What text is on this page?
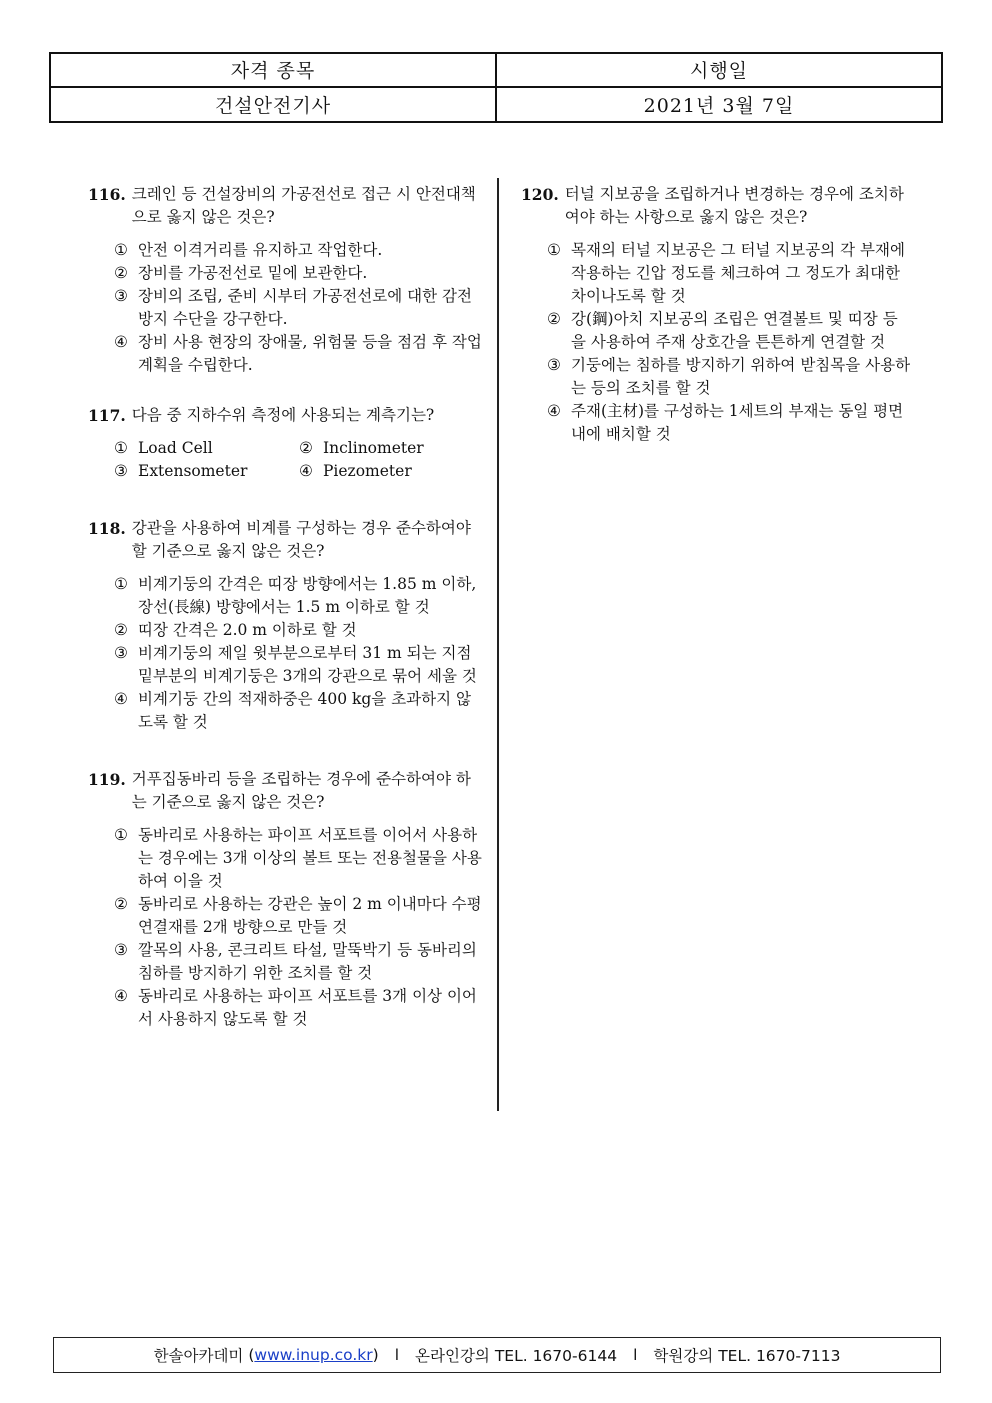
자격 종목	시행일
건설안전기사	2021년 3월 7일
116. 크레인 등 건설장비의 가공전선로 접근 시 안전대책으로 옳지 않은 것은?
① 안전 이격거리를 유지하고 작업한다.
② 장비를 가공전선로 밑에 보관한다.
③ 장비의 조립, 준비 시부터 가공전선로에 대한 감전 방지 수단을 강구한다.
④ 장비 사용 현장의 장애물, 위험물 등을 점검 후 작업계획을 수립한다.
117. 다음 중 지하수위 측정에 사용되는 계측기는?
① Load Cell	② Inclinometer
③ Extensometer	④ Piezometer
118. 강관을 사용하여 비계를 구성하는 경우 준수하여야 할 기준으로 옳지 않은 것은?
① 비계기둥의 간격은 띠장 방향에서는 1.85 m 이하, 장선(長線) 방향에서는 1.5 m 이하로 할 것
② 띠장 간격은 2.0 m 이하로 할 것
③ 비계기둥의 제일 윗부분으로부터 31 m 되는 지점 밑부분의 비계기둥은 3개의 강관으로 묶어 세울 것
④ 비계기둥 간의 적재하중은 400 kg을 초과하지 않도록 할 것
119. 거푸집동바리 등을 조립하는 경우에 준수하여야 하는 기준으로 옳지 않은 것은?
① 동바리로 사용하는 파이프 서포트를 이어서 사용하는 경우에는 3개 이상의 볼트 또는 전용철물을 사용하여 이을 것
② 동바리로 사용하는 강관은 높이 2 m 이내마다 수평연결재를 2개 방향으로 만들 것
③ 깔목의 사용, 콘크리트 타설, 말뚝박기 등 동바리의 침하를 방지하기 위한 조치를 할 것
④ 동바리로 사용하는 파이프 서포트를 3개 이상 이어서 사용하지 않도록 할 것
120. 터널 지보공을 조립하거나 변경하는 경우에 조치하여야 하는 사항으로 옳지 않은 것은?
① 목재의 터널 지보공은 그 터널 지보공의 각 부재에 작용하는 긴압 정도를 체크하여 그 정도가 최대한 차이나도록 할 것
② 강(鋼)아치 지보공의 조립은 연결볼트 및 띠장 등을 사용하여 주재 상호간을 튼튼하게 연결할 것
③ 기둥에는 침하를 방지하기 위하여 받침목을 사용하는 등의 조치를 할 것
④ 주재(主材)를 구성하는 1세트의 부재는 동일 평면 내에 배치할 것
한솔아카데미 ( www.inup.co.kr ) l 온라인강의 TEL. 1670-6144 l 학원강의 TEL. 1670-7113
